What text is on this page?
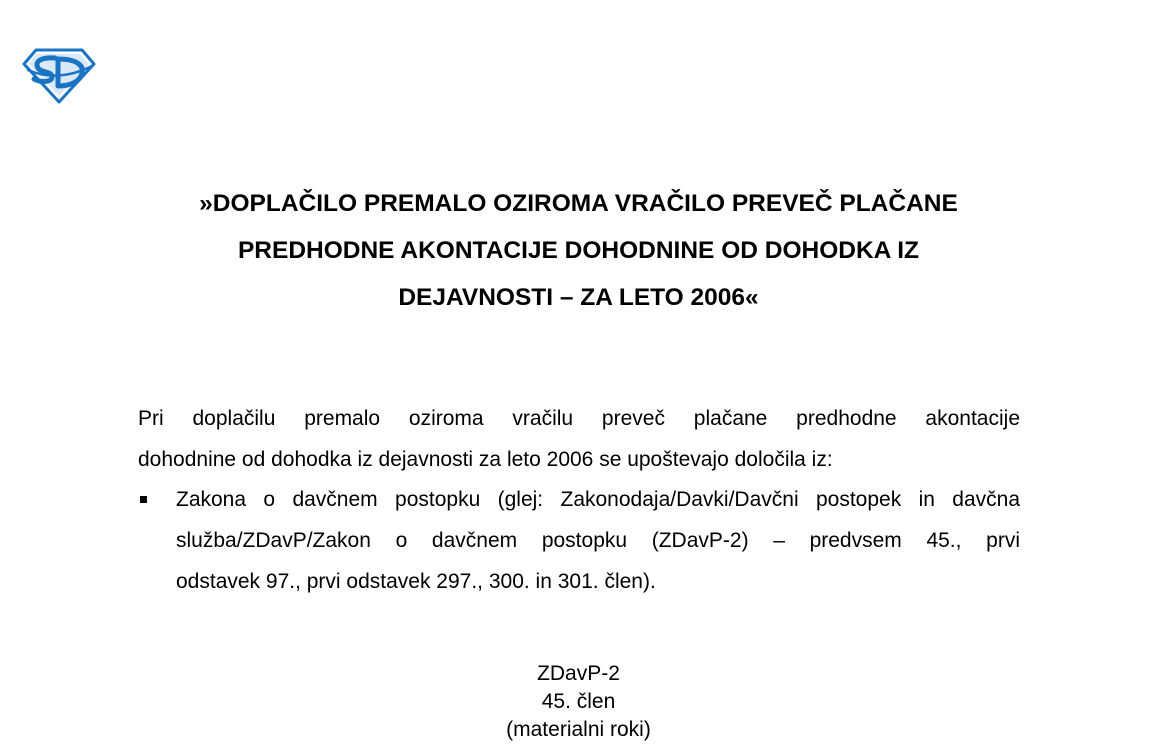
»DOPLAČILO PREMALO OZIROMA VRAČILO PREVEČ PLAČANE
PREDHODNE AKONTACIJE DOHODNINE OD DOHODKA IZ
DEJAVNOSTI – ZA LETO 2006«

Pri doplačilu premalo oziroma vračilu preveč plačane predhodne akontacije
dohodnine od dohodka iz dejavnosti za leto 2006 se upoštevajo določila iz:

Zakona o davčnem postopku (glej: Zakonodaja/Davki/Davčni postopek in davčna
služba/ZDavP/Zakon o davčnem postopku (ZDavP-2) – predvsem 45., prvi
odstavek 97., prvi odstavek 297., 300. in 301. člen).
ZDavP-2
45. člen
(materialni roki)
